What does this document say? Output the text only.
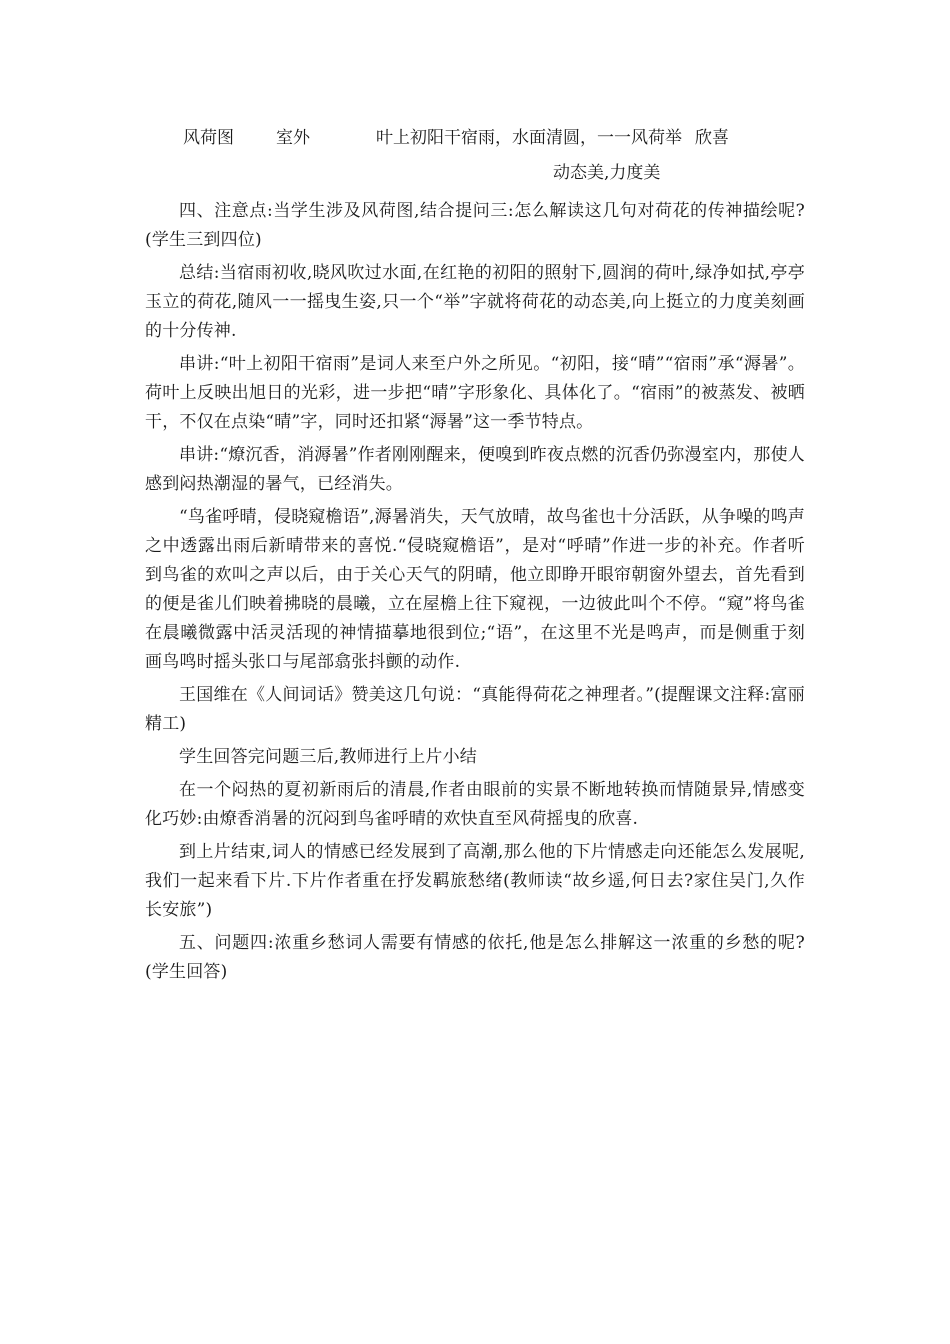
风荷图 室外	叶上初阳干宿雨，水面清圆，一一风荷举 欣喜
动态美,力度美

四、注意点:当学生涉及风荷图,结合提问三:怎么解读这几句对荷花的传神描绘呢?(学生三到四位)

总结:当宿雨初收,晓风吹过水面,在红艳的初阳的照射下,圆润的荷叶,绿净如拭,亭亭玉立的荷花,随风一一摇曳生姿,只一个“举”字就将荷花的动态美,向上挺立的力度美刻画的十分传神.

串讲:“叶上初阳干宿雨”是词人来至户外之所见。“初阳，接“晴”“宿雨”承“溽暑”。荷叶上反映出旭日的光彩，进一步把“晴”字形象化、具体化了。“宿雨”的被蒸发、被晒干，不仅在点染“晴”字，同时还扣紧“溽暑”这一季节特点。

串讲:“燎沉香，消溽暑”作者刚刚醒来，便嗅到昨夜点燃的沉香仍弥漫室内，那使人感到闷热潮湿的暑气，已经消失。

“鸟雀呼晴，侵晓窥檐语”,溽暑消失，天气放晴，故鸟雀也十分活跃，从争噪的鸣声之中透露出雨后新晴带来的喜悦.“侵晓窥檐语”，是对“呼晴”作进一步的补充。作者听到鸟雀的欢叫之声以后，由于关心天气的阴晴，他立即睁开眼帘朝窗外望去，首先看到的便是雀儿们映着拂晓的晨曦，立在屋檐上往下窥视，一边彼此叫个不停。“窥”将鸟雀在晨曦微露中活灵活现的神情描摹地很到位;“语”，在这里不光是鸣声，而是侧重于刻画鸟鸣时摇头张口与尾部翕张抖颤的动作.

王国维在《人间词话》赞美这几句说：“真能得荷花之神理者。”(提醒课文注释:富丽精工)

学生回答完问题三后,教师进行上片小结

在一个闷热的夏初新雨后的清晨,作者由眼前的实景不断地转换而情随景异,情感变化巧妙:由燎香消暑的沉闷到鸟雀呼晴的欢快直至风荷摇曳的欣喜.

到上片结束,词人的情感已经发展到了高潮,那么他的下片情感走向还能怎么发展呢,我们一起来看下片.下片作者重在抒发羁旅愁绪(教师读“故乡遥,何日去?家住吴门,久作长安旅”)

五、问题四:浓重乡愁词人需要有情感的依托,他是怎么排解这一浓重的乡愁的呢?(学生回答)
